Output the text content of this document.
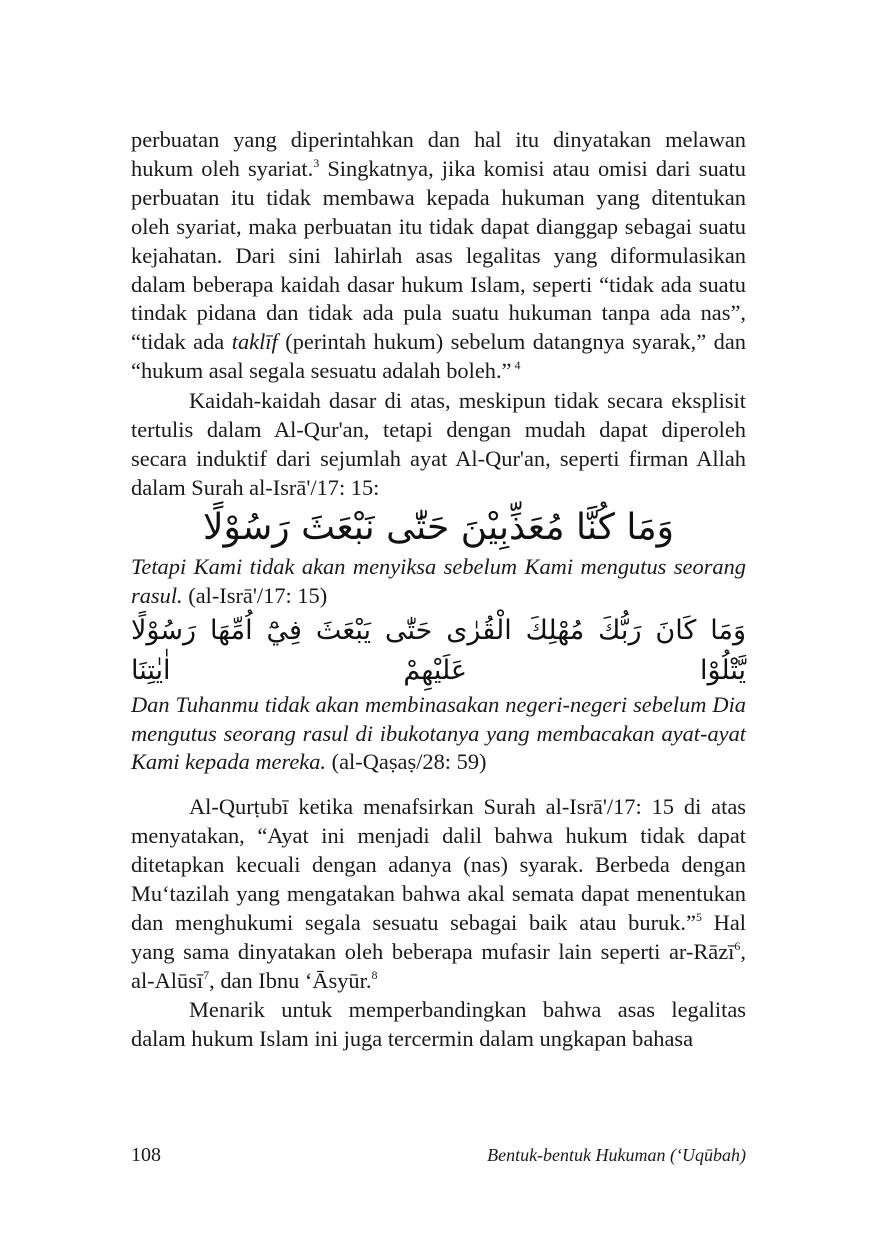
perbuatan yang diperintahkan dan hal itu dinyatakan melawan hukum oleh syariat.$^3$ Singkatnya, jika komisi atau omisi dari suatu perbuatan itu tidak membawa kepada hukuman yang ditentukan oleh syariat, maka perbuatan itu tidak dapat dianggap sebagai suatu kejahatan. Dari sini lahirlah asas legalitas yang diformulasikan dalam beberapa kaidah dasar hukum Islam, seperti “tidak ada suatu tindak pidana dan tidak ada pula suatu hukuman tanpa ada nas”, “tidak ada taklīf (perintah hukum) sebelum datangnya syarak,” dan “hukum asal segala sesuatu adalah boleh.” $^4$

Kaidah-kaidah dasar di atas, meskipun tidak secara eksplisit tertulis dalam Al-Qur'an, tetapi dengan mudah dapat diperoleh secara induktif dari sejumlah ayat Al-Qur'an, seperti firman Allah dalam Surah al-Isrā'/17: 15:

وَمَا كُنَّا مُعَذِّبِيْنَ حَتّٰى نَبْعَثَ رَسُوْلًا

Tetapi Kami tidak akan menyiksa sebelum Kami mengutus seorang rasul. (al-Isrā'/17: 15)

وَمَا كَانَ رَبُّكَ مُهْلِكَ الْقُرٰى حَتّٰى يَبْعَثَ فِيْٓ اُمِّهَا رَسُوْلًا يَّتْلُوْا عَلَيْهِمْ اٰيٰتِنَا

Dan Tuhanmu tidak akan membinasakan negeri-negeri sebelum Dia mengutus seorang rasul di ibukotanya yang membacakan ayat-ayat Kami kepada mereka. (al-Qaṣaṣ/28: 59)

Al-Qurṭubī ketika menafsirkan Surah al-Isrā'/17: 15 di atas menyatakan, “Ayat ini menjadi dalil bahwa hukum tidak dapat ditetapkan kecuali dengan adanya (nas) syarak. Berbeda dengan Mu‘tazilah yang mengatakan bahwa akal semata dapat menentukan dan menghukumi segala sesuatu sebagai baik atau buruk.”$^5$ Hal yang sama dinyatakan oleh beberapa mufasir lain seperti ar-Rāzī$^6$, al-Alūsī$^7$, dan Ibnu ‘Āsyūr.$^8$

Menarik untuk memperbandingkan bahwa asas legalitas dalam hukum Islam ini juga tercermin dalam ungkapan bahasa

108	Bentuk-bentuk Hukuman (‘Uqūbah)
